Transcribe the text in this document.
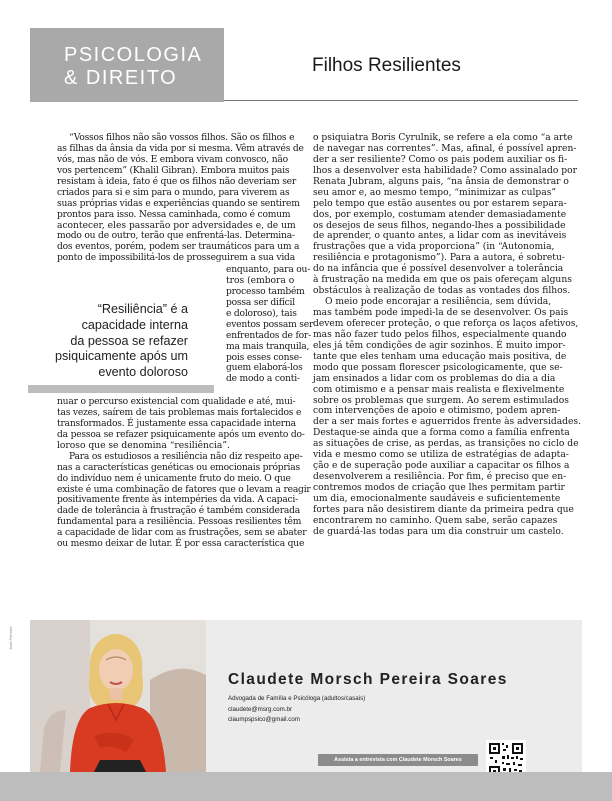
PSICOLOGIA
& DIREITO
Filhos Resilientes
“Vossos filhos não são vossos filhos. São os filhos e
as filhas da ânsia da vida por si mesma. Vêm através de
vós, mas não de vós. E embora vivam convosco, não
vos pertencem” (Khalil Gibran). Embora muitos pais
resistam à ideia, fato é que os filhos não deveriam ser
criados para si e sim para o mundo, para viverem as
suas próprias vidas e experiências quando se sentirem
prontos para isso. Nessa caminhada, como é comum
acontecer, eles passarão por adversidades e, de um
modo ou de outro, terão que enfrentá-las. Determina-
dos eventos, porém, podem ser traumáticos para um a
ponto de impossibilitá-los de prosseguirem a sua vida
enquanto, para ou-
tros (embora o
processo também
possa ser difícil
e doloroso), tais
eventos possam ser
enfrentados de for-
ma mais tranquila,
pois esses conse-
guem elaborá-los
de modo a conti-
nuar o percurso existencial com qualidade e até, mui-
tas vezes, saírem de tais problemas mais fortalecidos e
transformados. É justamente essa capacidade interna
da pessoa se refazer psiquicamente após um evento do-
loroso que se denomina “resiliência”.
Para os estudiosos a resiliência não diz respeito ape-
nas a características genéticas ou emocionais próprias
do indivíduo nem é unicamente fruto do meio. O que
existe é uma combinação de fatores que o levam a reagir
positivamente frente às intempéries da vida. A capaci-
dade de tolerância à frustração é também considerada
fundamental para a resiliência. Pessoas resilientes têm
a capacidade de lidar com as frustrações, sem se abater
ou mesmo deixar de lutar. É por essa característica que
o psiquiatra Boris Cyrulnik, se refere a ela como “a arte
de navegar nas correntes”. Mas, afinal, é possível apren-
der a ser resiliente? Como os pais podem auxiliar os fi-
lhos a desenvolver esta habilidade? Como assinalado por
Renata Jubram, alguns pais, “na ânsia de demonstrar o
seu amor e, ao mesmo tempo, “minimizar as culpas”
pelo tempo que estão ausentes ou por estarem separa-
dos, por exemplo, costumam atender demasiadamente
os desejos de seus filhos, negando-lhes a possibilidade
de aprender, o quanto antes, a lidar com as inevitáveis
frustrações que a vida proporciona” (in “Autonomia,
resiliência e protagonismo”). Para a autora, é sobretu-
do na infância que é possível desenvolver a tolerância
à frustração na medida em que os pais ofereçam alguns
obstáculos à realização de todas as vontades dos filhos.
O meio pode encorajar a resiliência, sem dúvida,
mas também pode impedi-la de se desenvolver. Os pais
devem oferecer proteção, o que reforça os laços afetivos,
mas não fazer tudo pelos filhos, especialmente quando
eles já têm condições de agir sozinhos. É muito impor-
tante que eles tenham uma educação mais positiva, de
modo que possam florescer psicologicamente, que se-
jam ensinados a lidar com os problemas do dia a dia
com otimismo e a pensar mais realista e flexivelmente
sobre os problemas que surgem. Ao serem estimulados
com intervenções de apoio e otimismo, podem apren-
der a ser mais fortes e aguerridos frente às adversidades.
Destaque-se ainda que a forma como a família enfrenta
as situações de crise, as perdas, as transições no ciclo de
vida e mesmo como se utiliza de estratégias de adapta-
ção e de superação pode auxiliar a capacitar os filhos a
desenvolverem a resiliência. Por fim, é preciso que en-
contremos modos de criação que lhes permitam partir
um dia, emocionalmente saudáveis e suficientemente
fortes para não desistirem diante da primeira pedra que
encontrarem no caminho. Quem sabe, serão capazes
de guardá-las todas para um dia construir um castelo.
“Resiliência” é a
capacidade interna
da pessoa se refazer
psiquicamente após um
evento doloroso
José Ferreira
Claudete Morsch Pereira Soares
Advogada de Família e Psicóloga (adultos/casais)
claudete@msrg.com.br
claumpspsico@gmail.com
Assista a entrevista com Claudete Morsch Soares
